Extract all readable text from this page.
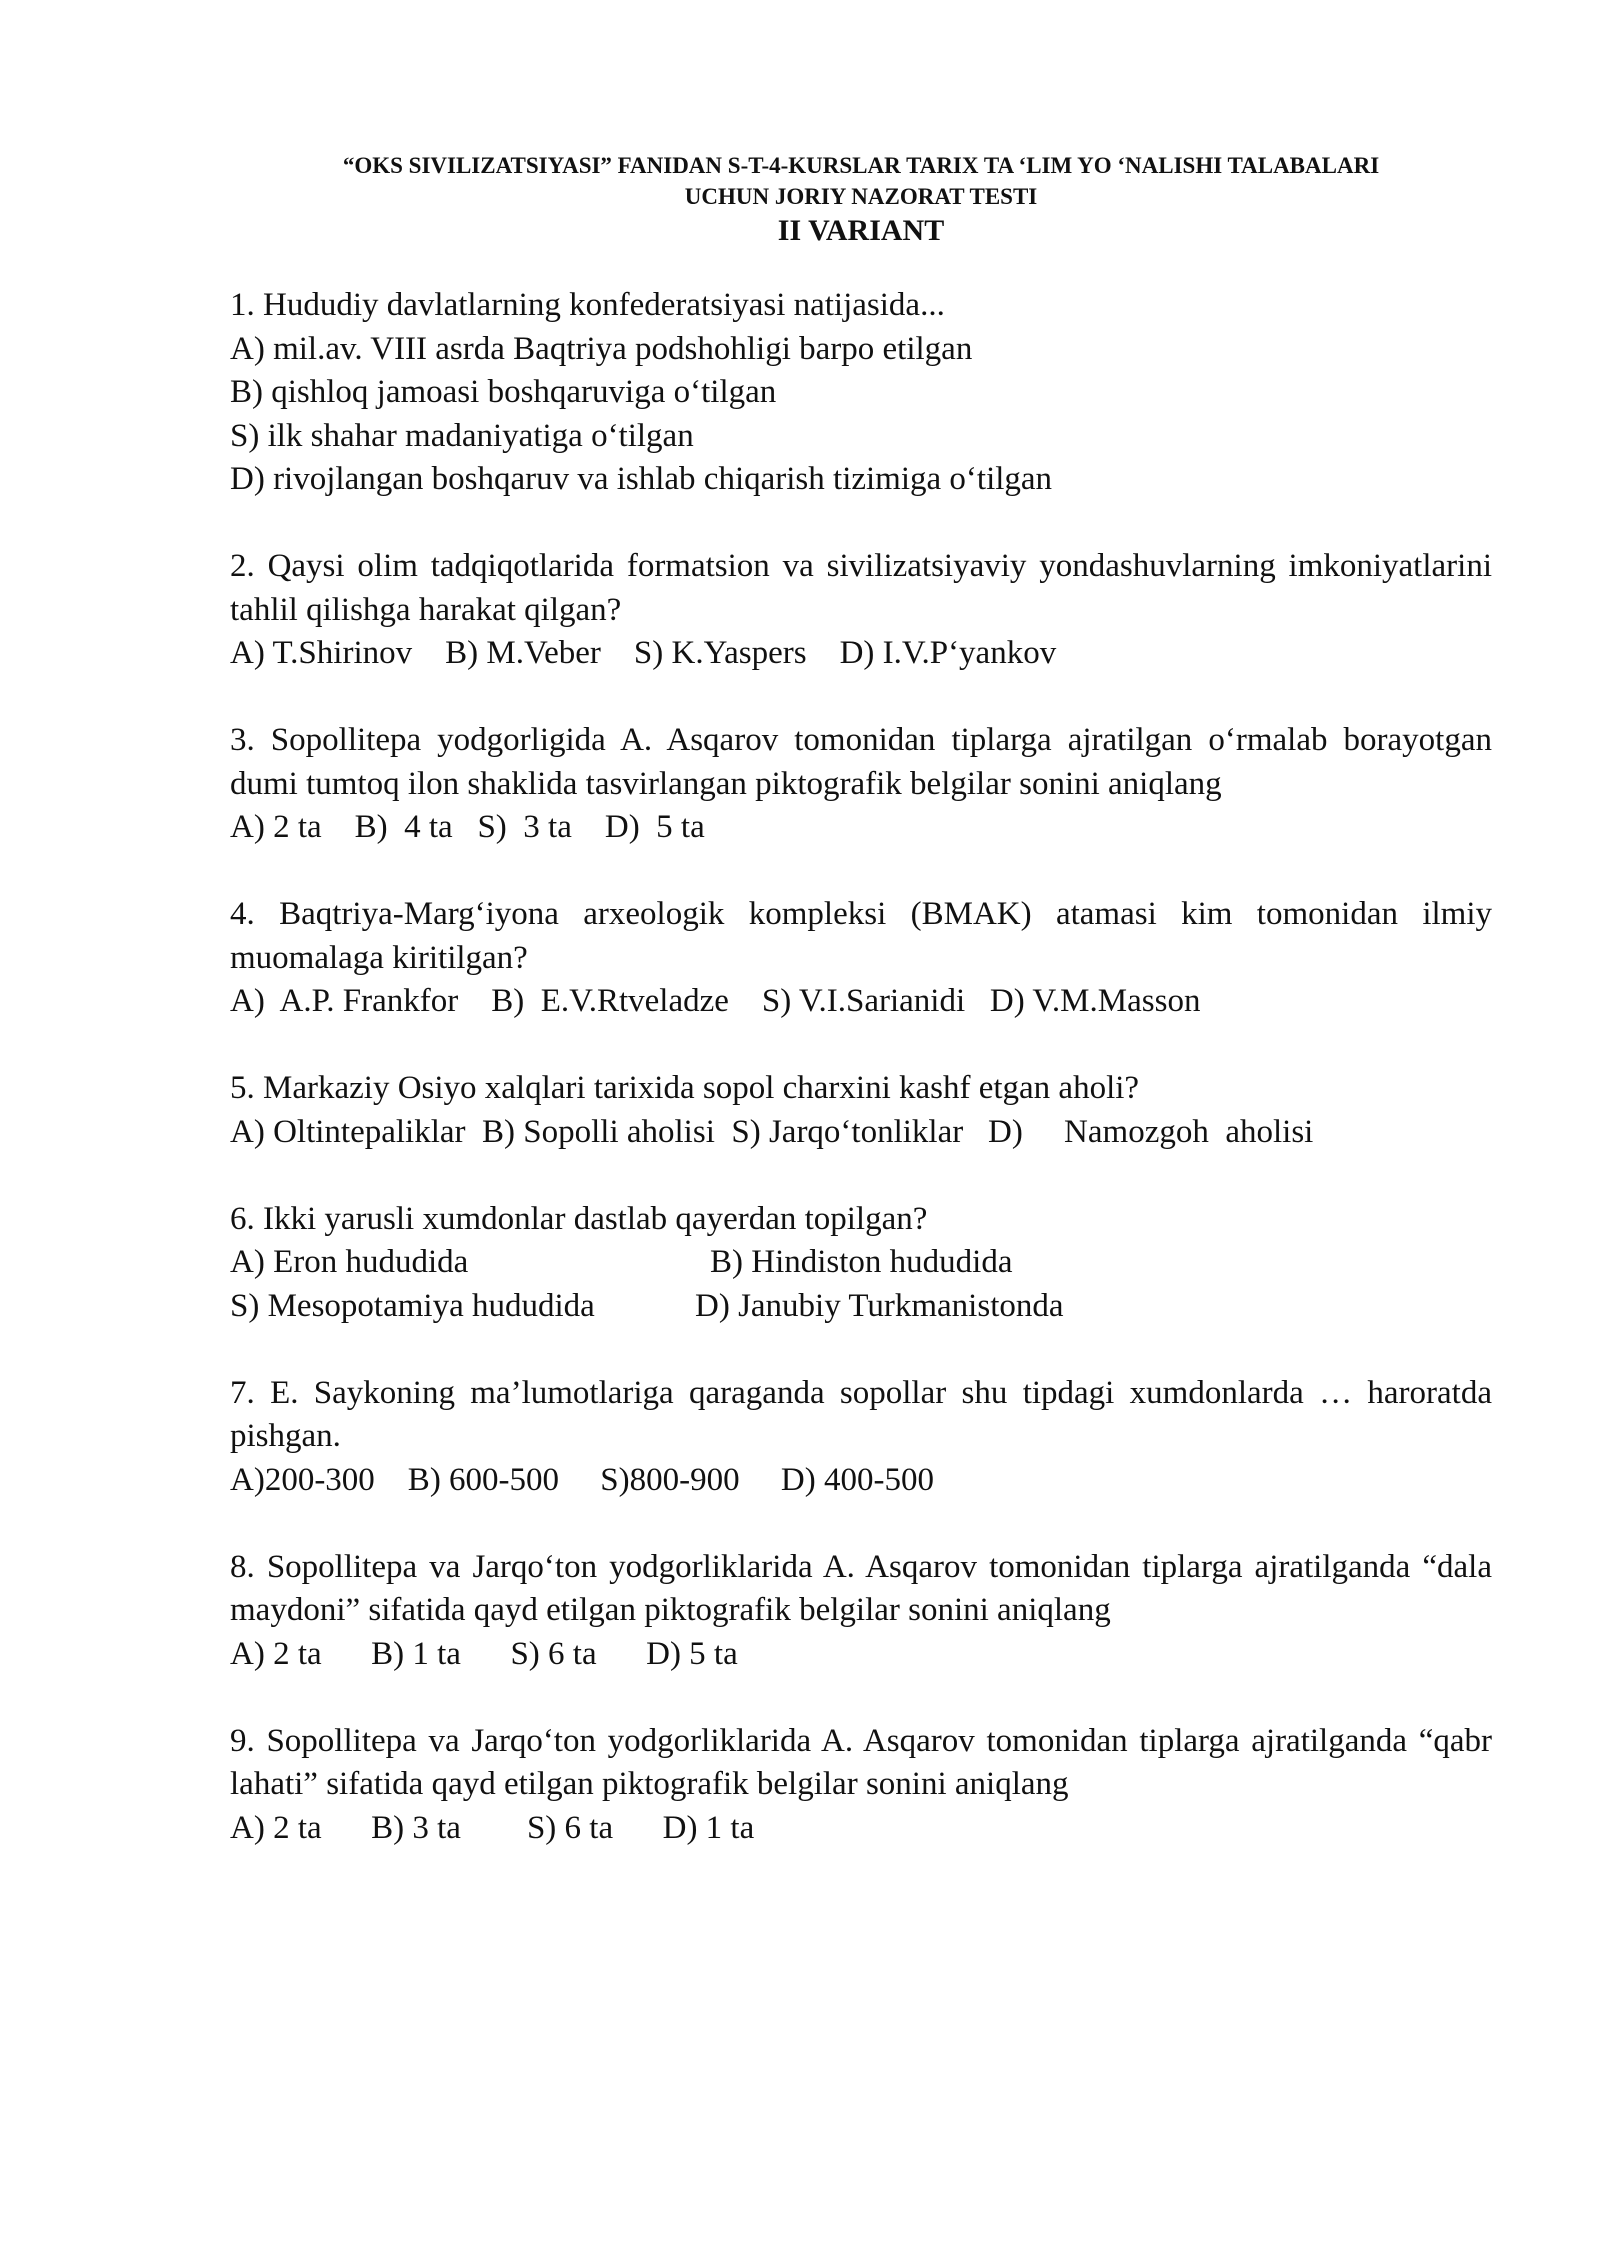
“OKS SIVILIZATSIYASI” FANIDAN S-T-4-KURSLAR TARIX TA ‘LIM YO ‘NALISHI TALABALARI
UCHUN JORIY NAZORAT TESTI
II VARIANT
1. Hududiy davlatlarning konfederatsiyasi natijasida...
A) mil.av. VIII asrda Baqtriya podshohligi barpo etilgan
B) qishloq jamoasi boshqaruviga o‘tilgan
S) ilk shahar madaniyatiga o‘tilgan
D) rivojlangan boshqaruv va ishlab chiqarish tizimiga o‘tilgan
2. Qaysi olim tadqiqotlarida formatsion va sivilizatsiyaviy yondashuvlarning imkoniyatlarini tahlil qilishga harakat qilgan?
A) T.Shirinov    B) M.Veber    S) K.Yaspers    D) I.V.P‘yankov
3. Sopollitepa yodgorligida A. Asqarov tomonidan tiplarga ajratilgan o‘rmalab borayotgan dumi tumtoq ilon shaklida tasvirlangan piktografik belgilar sonini aniqlang
A) 2 ta    B)  4 ta   S)  3 ta    D)  5 ta
4. Baqtriya-Marg‘iyona arxeologik kompleksi (BMAK) atamasi kim tomonidan ilmiy muomalaga kiritilgan?
A)  A.P. Frankfor    B)  E.V.Rtveladze    S) V.I.Sarianidi   D) V.M.Masson
5. Markaziy Osiyo xalqlari tarixida sopol charxini kashf etgan aholi?
A) Oltintepaliklar  B) Sopolli aholisi  S) Jarqo‘tonliklar   D)     Namozgoh  aholisi
6. Ikki yarusli xumdonlar dastlab qayerdan topilgan?
A) Eron hududida	B) Hindiston hududida
S) Mesopotamiya hududida	D) Janubiy Turkmanistonda
7. E. Saykoning ma’lumotlariga qaraganda sopollar shu tipdagi xumdonlarda … haroratda pishgan.
A)200-300    B) 600-500     S)800-900     D) 400-500
8. Sopollitepa va Jarqo‘ton yodgorliklarida A. Asqarov tomonidan tiplarga ajratilganda “dala maydoni” sifatida qayd etilgan piktografik belgilar sonini aniqlang
A) 2 ta      B) 1 ta      S) 6 ta      D) 5 ta
9. Sopollitepa va Jarqo‘ton yodgorliklarida A. Asqarov tomonidan tiplarga ajratilganda “qabr lahati” sifatida qayd etilgan piktografik belgilar sonini aniqlang
A) 2 ta      B) 3 ta        S) 6 ta      D) 1 ta
